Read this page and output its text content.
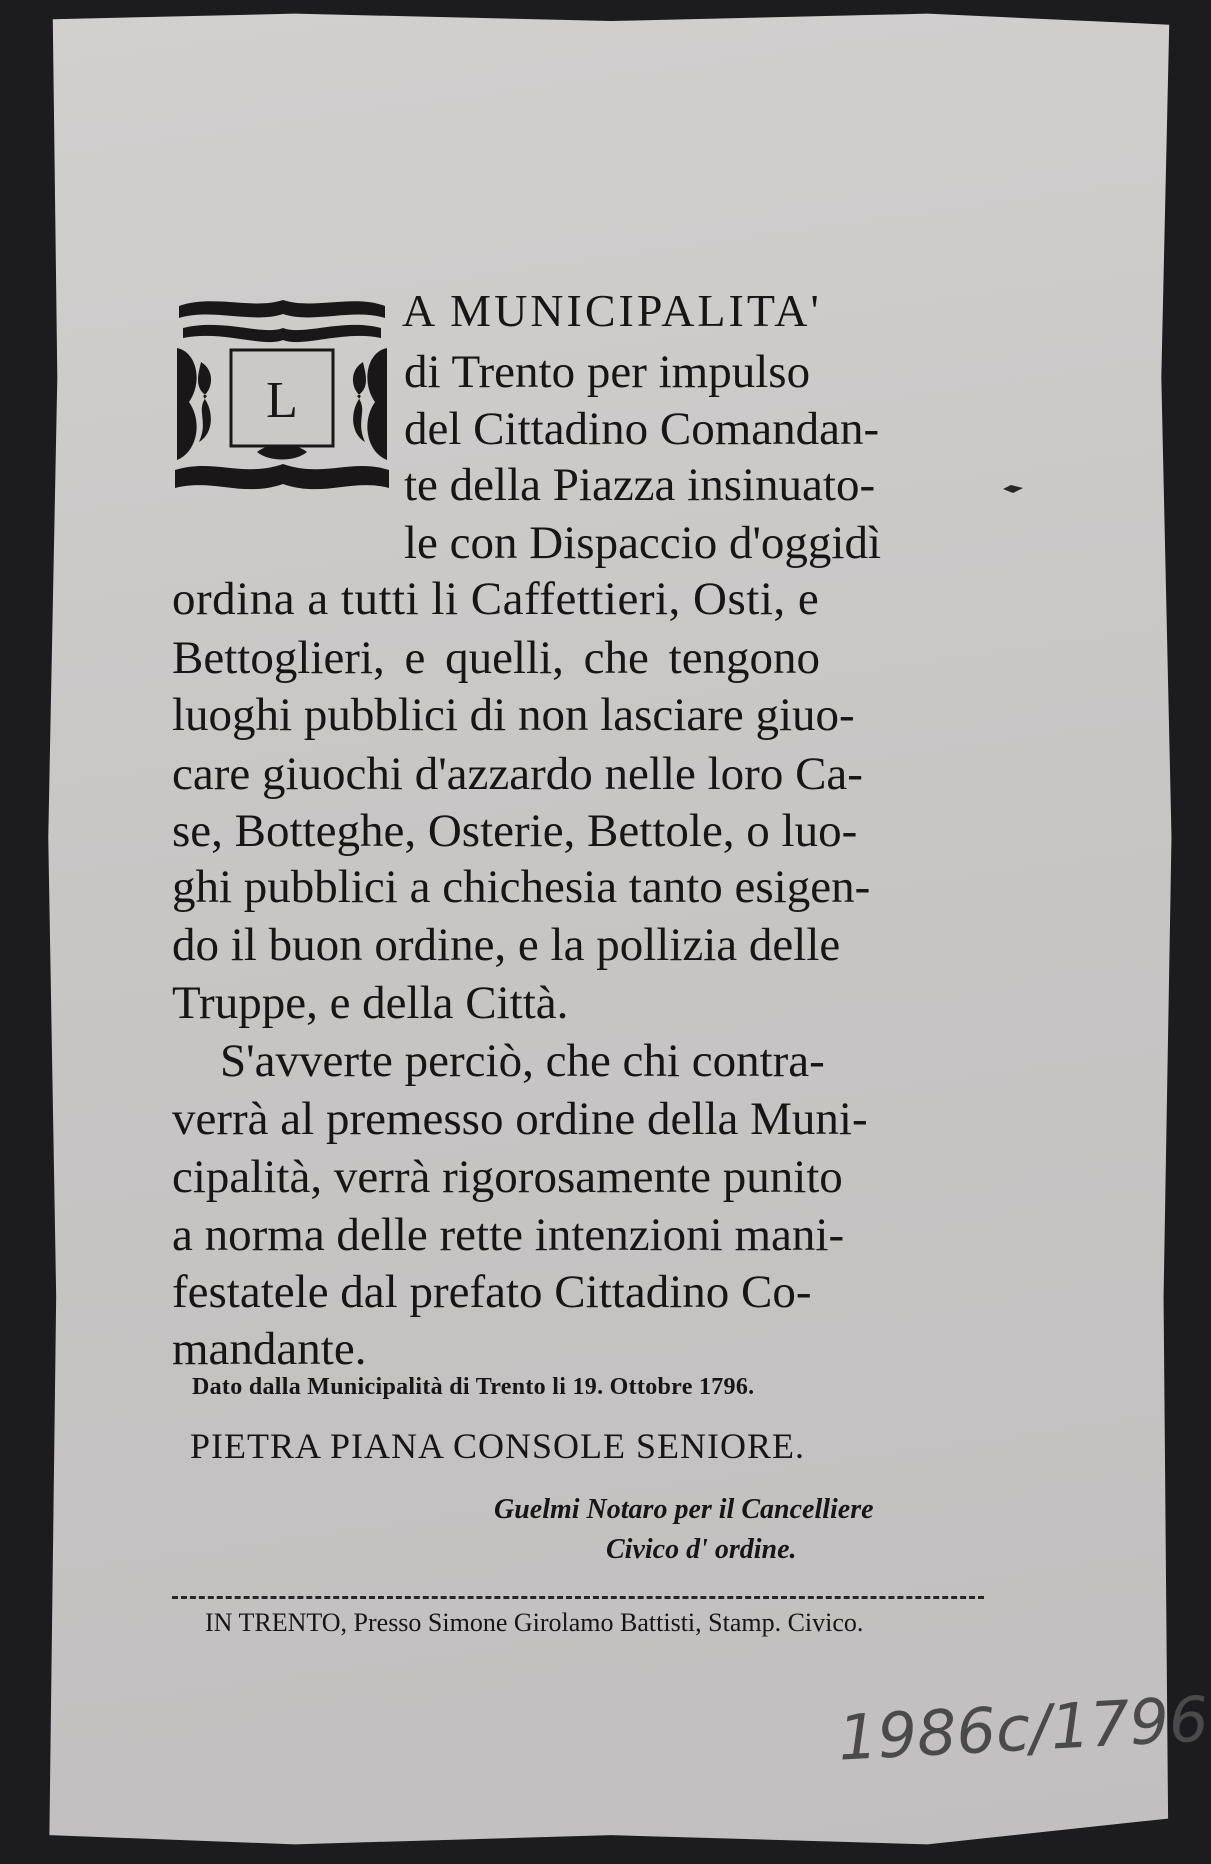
L
A MUNICIPALITA'
di Trento per impulso
del Cittadino Comandan-
te della Piazza insinuato-
le con Dispaccio d'oggidì
ordina a tutti li Caffettieri, Osti, e
Bettoglieri, e quelli, che tengono
luoghi pubblici di non lasciare giuo-
care giuochi d'azzardo nelle loro Ca-
se, Botteghe, Osterie, Bettole, o luo-
ghi pubblici a chichesia tanto esigen-
do il buon ordine, e la pollizia delle
Truppe, e della Città.
S'avverte perciò, che chi contra-
verrà al premesso ordine della Muni-
cipalità, verrà rigorosamente punito
a norma delle rette intenzioni mani-
festatele dal prefato Cittadino Co-
mandante.
Dato dalla Municipalità di Trento li 19. Ottobre 1796.
PIETRA PIANA CONSOLE SENIORE.
Guelmi Notaro per il Cancelliere
Civico d' ordine.
IN TRENTO, Presso Simone Girolamo Battisti, Stamp. Civico.
1986c/1796
